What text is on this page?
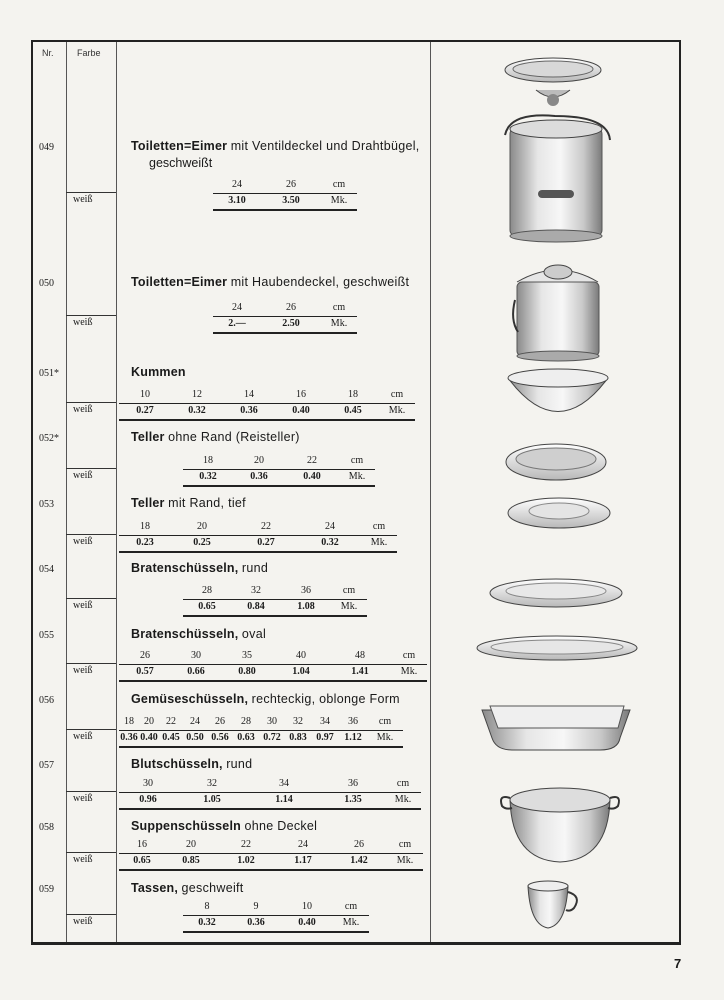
Nr.	Farbe
049	Toiletten=Eimer mit Ventildeckel und Drahtbügel,
geschweißt
weiß
24	26	cm
3.10	3.50	Mk.
050	Toiletten=Eimer mit Haubendeckel, geschweißt
weiß
24	26	cm
2.—	2.50	Mk.
051*	Kummen
weiß
10	12	14	16	18	cm
0.27	0.32	0.36	0.40	0.45	Mk.
052*	Teller ohne Rand (Reisteller)
weiß
18	20	22	cm
0.32	0.36	0.40	Mk.
053	Teller mit Rand, tief
weiß
18	20	22	24	cm
0.23	0.25	0.27	0.32	Mk.
054	Bratenschüsseln, rund
weiß
28	32	36	cm
0.65	0.84	1.08	Mk.
055	Bratenschüsseln, oval
weiß
26	30	35	40	48	cm
0.57	0.66	0.80	1.04	1.41	Mk.
056	Gemüseschüsseln, rechteckig, oblonge Form
weiß
18 20 22 24 26 28 30 32 34 36 cm
0.36 0.40 0.45 0.50 0.56 0.63 0.72 0.83 0.97 1.12 Mk.
057	Blutschüsseln, rund
weiß
30	32	34	36	cm
0.96	1.05	1.14	1.35	Mk.
058	Suppenschüsseln ohne Deckel
weiß
16	20	22	24	26	cm
0.65	0.85	1.02	1.17	1.42	Mk.
059	Tassen, geschweift
weiß
8	9	10	cm
0.32	0.36	0.40	Mk.
7
